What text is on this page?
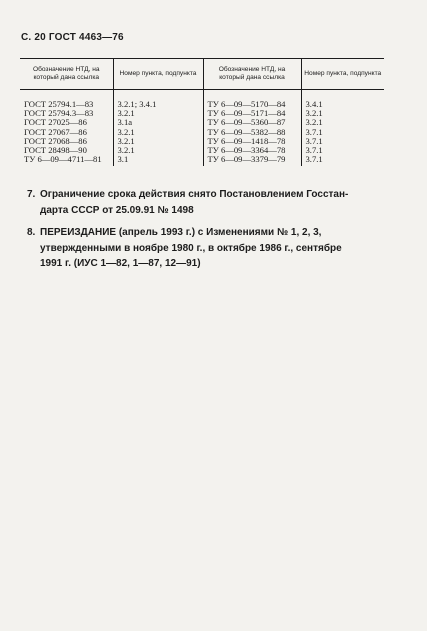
С. 20 ГОСТ 4463—76
Обозначение НТД, на который дана ссылка	Номер пункта, подпункта	Обозначение НТД, на который дана ссылка	Номер пункта, подпункта
ГОСТ 25794.1—83	3.2.1; 3.4.1	ТУ 6—09—5170—84	3.4.1
ГОСТ 25794.3—83	3.2.1	ТУ 6—09—5171—84	3.2.1
ГОСТ 27025—86	3.1а	ТУ 6—09—5360—87	3.2.1
ГОСТ 27067—86	3.2.1	ТУ 6—09—5382—88	3.7.1
ГОСТ 27068—86	3.2.1	ТУ 6—09—1418—78	3.7.1
ГОСТ 28498—90	3.2.1	ТУ 6—09—3364—78	3.7.1
ТУ 6—09—4711—81	3.1	ТУ 6—09—3379—79	3.7.1
7. Ограничение срока действия снято Постановлением Госстан-
дарта СССР от 25.09.91 № 1498
8. ПЕРЕИЗДАНИЕ (апрель 1993 г.) с Изменениями № 1, 2, 3,
утвержденными в ноябре 1980 г., в октябре 1986 г., сентябре
1991 г. (ИУС 1—82, 1—87, 12—91)
